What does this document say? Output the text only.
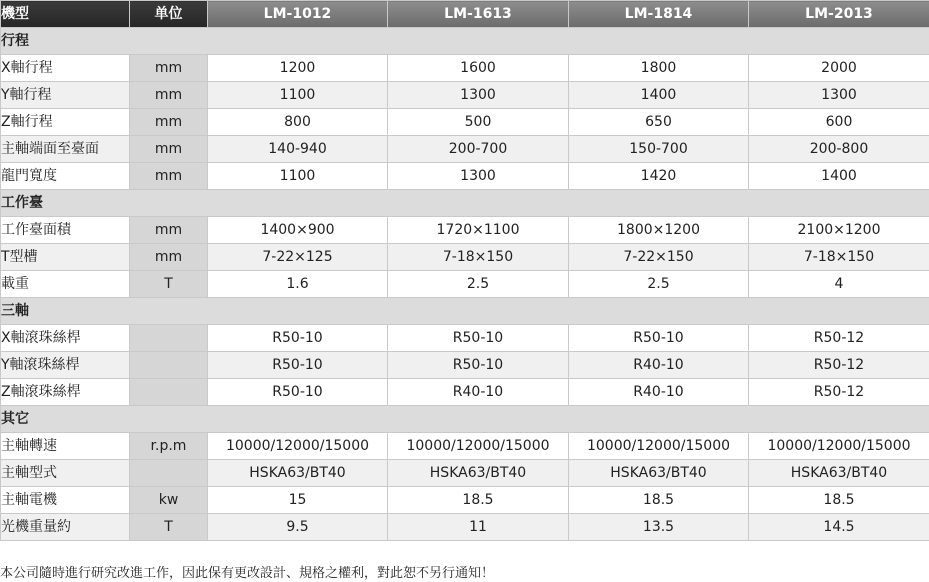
機型	单位	LM-1012	LM-1613	LM-1814	LM-2013
行程					
X軸行程	mm	1200	1600	1800	2000
Y軸行程	mm	1100	1300	1400	1300
Z軸行程	mm	800	500	650	600
主軸端面至臺面	mm	140-940	200-700	150-700	200-800
龍門寬度	mm	1100	1300	1420	1400
工作臺					
工作臺面積	mm	1400×900	1720×1100	1800×1200	2100×1200
T型槽	mm	7-22×125	7-18×150	7-22×150	7-18×150
載重	T	1.6	2.5	2.5	4
三軸					
X軸滾珠絲桿		R50-10	R50-10	R50-10	R50-12
Y軸滾珠絲桿		R50-10	R50-10	R40-10	R50-12
Z軸滾珠絲桿		R50-10	R40-10	R40-10	R50-12
其它					
主軸轉速	r.p.m	10000/12000/15000	10000/12000/15000	10000/12000/15000	10000/12000/15000
主軸型式		HSKA63/BT40	HSKA63/BT40	HSKA63/BT40	HSKA63/BT40
主軸電機	kw	15	18.5	18.5	18.5
光機重量約	T	9.5	11	13.5	14.5
本公司隨時進行研究改進工作，因此保有更改設計、規格之權利，對此恕不另行通知！
